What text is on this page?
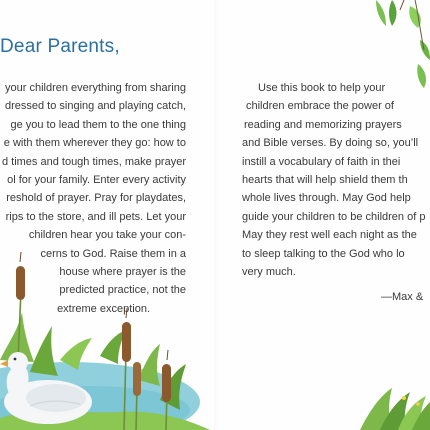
Dear Parents,
your children everything from sharing
dressed to singing and playing catch,
ge you to lead them to the one thing
e with them wherever they go: how to
d times and tough times, make prayer
ol for your family. Enter every activity
reshold of prayer. Pray for playdates,
rips to the store, and ill pets. Let your
children hear you take your con-
cerns to God. Raise them in a
house where prayer is the
predicted practice, not the
extreme exception.
Use this book to help your
children embrace the power of
reading and memorizing prayers
and Bible verses. By doing so, you’ll
instill a vocabulary of faith in thei
hearts that will help shield them th
whole lives through. May God help
guide your children to be children of p
May they rest well each night as the
to sleep talking to the God who lo
very much.
—Max &
